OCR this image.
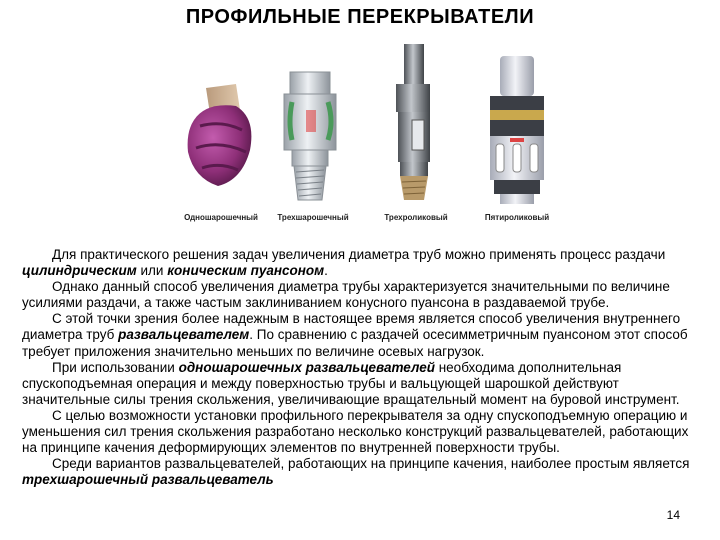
ПРОФИЛЬНЫЕ ПЕРЕКРЫВАТЕЛИ
Одношарошечный	Трехшарошечный	Трехроликовый	Пятироликовый

Для практического решения задач увеличения диаметра труб можно применять процесс раздачи цилиндрическим или коническим пуансоном.

Однако данный способ увеличения диаметра трубы характеризуется значительными по величине усилиями раздачи, а также частым заклиниванием конусного пуансона в раздаваемой трубе.

С этой точки зрения более надежным в настоящее время является способ увеличения внутреннего диаметра труб развальцевателем. По сравнению с раздачей осесимметричным пуансоном этот способ требует приложения значительно меньших по величине осевых нагрузок.

При использовании одношарошечных развальцевателей необходима дополнительная спускоподъемная операция и между поверхностью трубы и вальцующей шарошкой действуют значительные силы трения скольжения, увеличивающие вращательный момент на буровой инструмент.

С целью возможности установки профильного перекрывателя за одну спускоподъемную операцию и уменьшения сил трения скольжения разработано несколько конструкций развальцевателей, работающих на принципе качения деформирующих элементов по внутренней поверхности трубы.

Среди вариантов развальцевателей, работающих на принципе качения, наиболее простым является трехшарошечный развальцеватель

14
